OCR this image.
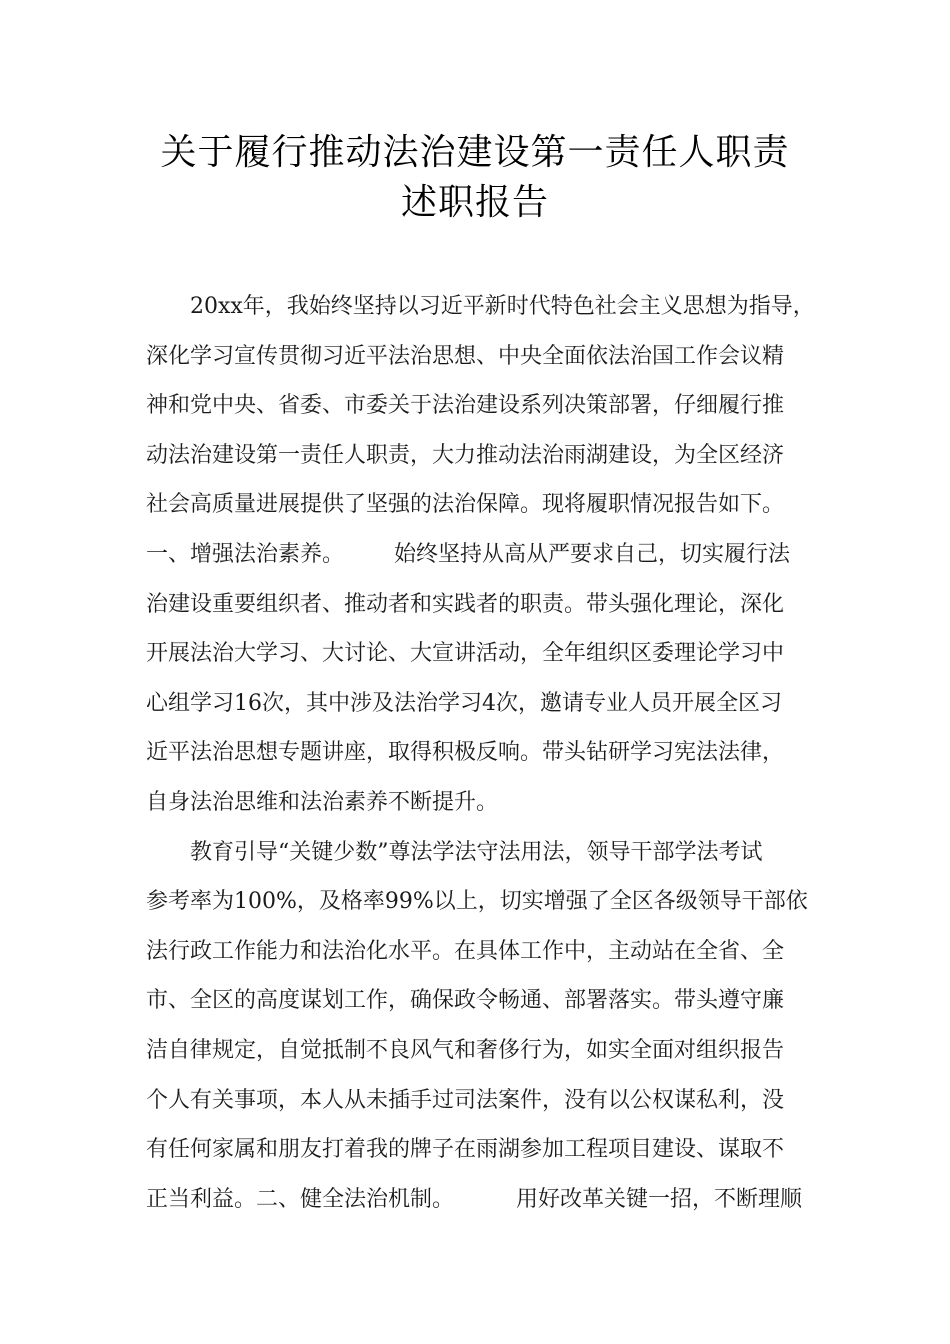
关于履行推动法治建设第一责任人职责
述职报告
20xx年，我始终坚持以习近平新时代特色社会主义思想为指导，
深化学习宣传贯彻习近平法治思想、中央全面依法治国工作会议精
神和党中央、省委、市委关于法治建设系列决策部署，仔细履行推
动法治建设第一责任人职责，大力推动法治雨湖建设，为全区经济
社会高质量进展提供了坚强的法治保障。现将履职情况报告如下。
一、增强法治素养。 始终坚持从高从严要求自己，切实履行法
治建设重要组织者、推动者和实践者的职责。带头强化理论，深化
开展法治大学习、大讨论、大宣讲活动，全年组织区委理论学习中
心组学习16次，其中涉及法治学习4次，邀请专业人员开展全区习
近平法治思想专题讲座，取得积极反响。带头钻研学习宪法法律，
自身法治思维和法治素养不断提升。
教育引导“关键少数”尊法学法守法用法，领导干部学法考试
参考率为100%，及格率99%以上，切实增强了全区各级领导干部依
法行政工作能力和法治化水平。在具体工作中，主动站在全省、全
市、全区的高度谋划工作，确保政令畅通、部署落实。带头遵守廉
洁自律规定，自觉抵制不良风气和奢侈行为，如实全面对组织报告
个人有关事项，本人从未插手过司法案件，没有以公权谋私利，没
有任何家属和朋友打着我的牌子在雨湖参加工程项目建设、谋取不
正当利益。二、健全法治机制。	用好改革关键一招，不断理顺
